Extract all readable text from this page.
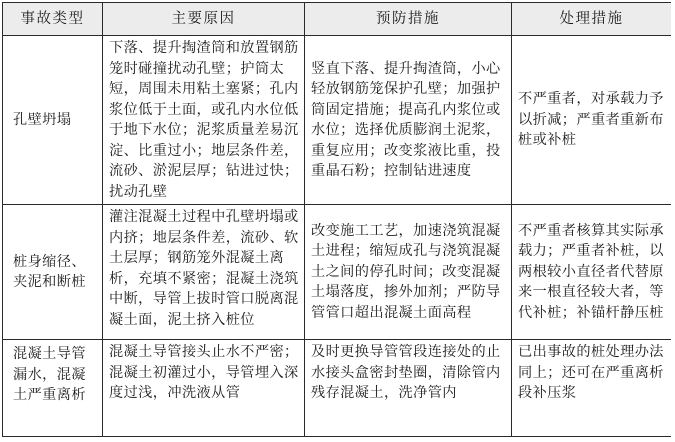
事故类型	主要原因	预防措施	处理措施
孔壁坍塌	下落、提升掏渣筒和放置钢筋笼时碰撞扰动孔壁；护筒太短，周围未用粘土塞紧；孔内浆位低于土面，或孔内水位低于地下水位；泥浆质量差易沉淀、比重过小；地层条件差，流砂、淤泥层厚；钻进过快；扰动孔壁	竖直下落、提升掏渣筒，小心轻放钢筋笼保护孔壁；加强护筒固定措施；提高孔内浆位或水位；选择优质膨润土泥浆，重复应用；改变浆液比重，投重晶石粉；控制钻进速度	不严重者，对承载力予以折减；严重者重新布桩或补桩
桩身缩径、夹泥和断桩	灌注混凝土过程中孔壁坍塌或内挤；地层条件差，流砂、软土层厚；钢筋笼外混凝土离析，充填不紧密；混凝土浇筑中断，导管上拔时管口脱离混凝土面，泥土挤入桩位	改变施工工艺，加速浇筑混凝土进程；缩短成孔与浇筑混凝土之间的停孔时间；改变混凝土塌落度，掺外加剂；严防导管管口超出混凝土面高程	不严重者核算其实际承载力；严重者补桩，以两根较小直径者代替原来一根直径较大者，等代补桩；补锚杆静压桩
混凝土导管漏水，混凝土严重离析	混凝土导管接头止水不严密；混凝土初灌过小，导管埋入深度过浅，冲洗液从管	及时更换导管管段连接处的止水接头盒密封垫圈，清除管内残存混凝土，洗净管内	已出事故的桩处理办法同上；还可在严重离析段补压浆
